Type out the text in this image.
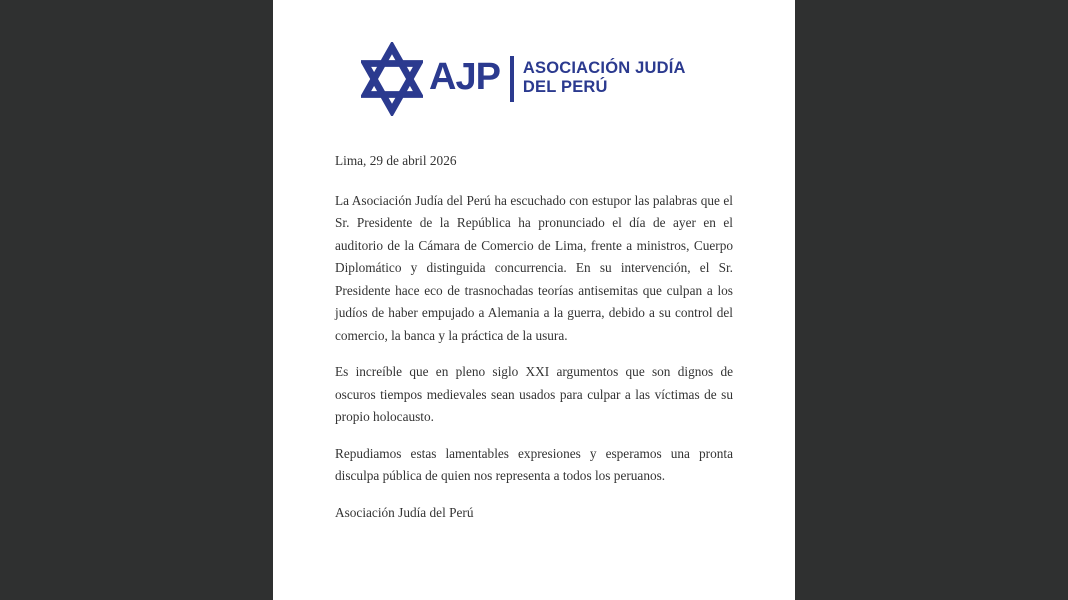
AJP ASOCIACIÓN JUDÍA
DEL PERÚ

Lima, 29 de abril 2026

La Asociación Judía del Perú ha escuchado con estupor las palabras que el Sr. Presidente de la República ha pronunciado el día de ayer en el auditorio de la Cámara de Comercio de Lima, frente a ministros, Cuerpo Diplomático y distinguida concurrencia. En su intervención, el Sr. Presidente hace eco de trasnochadas teorías antisemitas que culpan a los judíos de haber empujado a Alemania a la guerra, debido a su control del comercio, la banca y la práctica de la usura.

Es increíble que en pleno siglo XXI argumentos que son dignos de oscuros tiempos medievales sean usados para culpar a las víctimas de su propio holocausto.

Repudiamos estas lamentables expresiones y esperamos una pronta disculpa pública de quien nos representa a todos los peruanos.

Asociación Judía del Perú
